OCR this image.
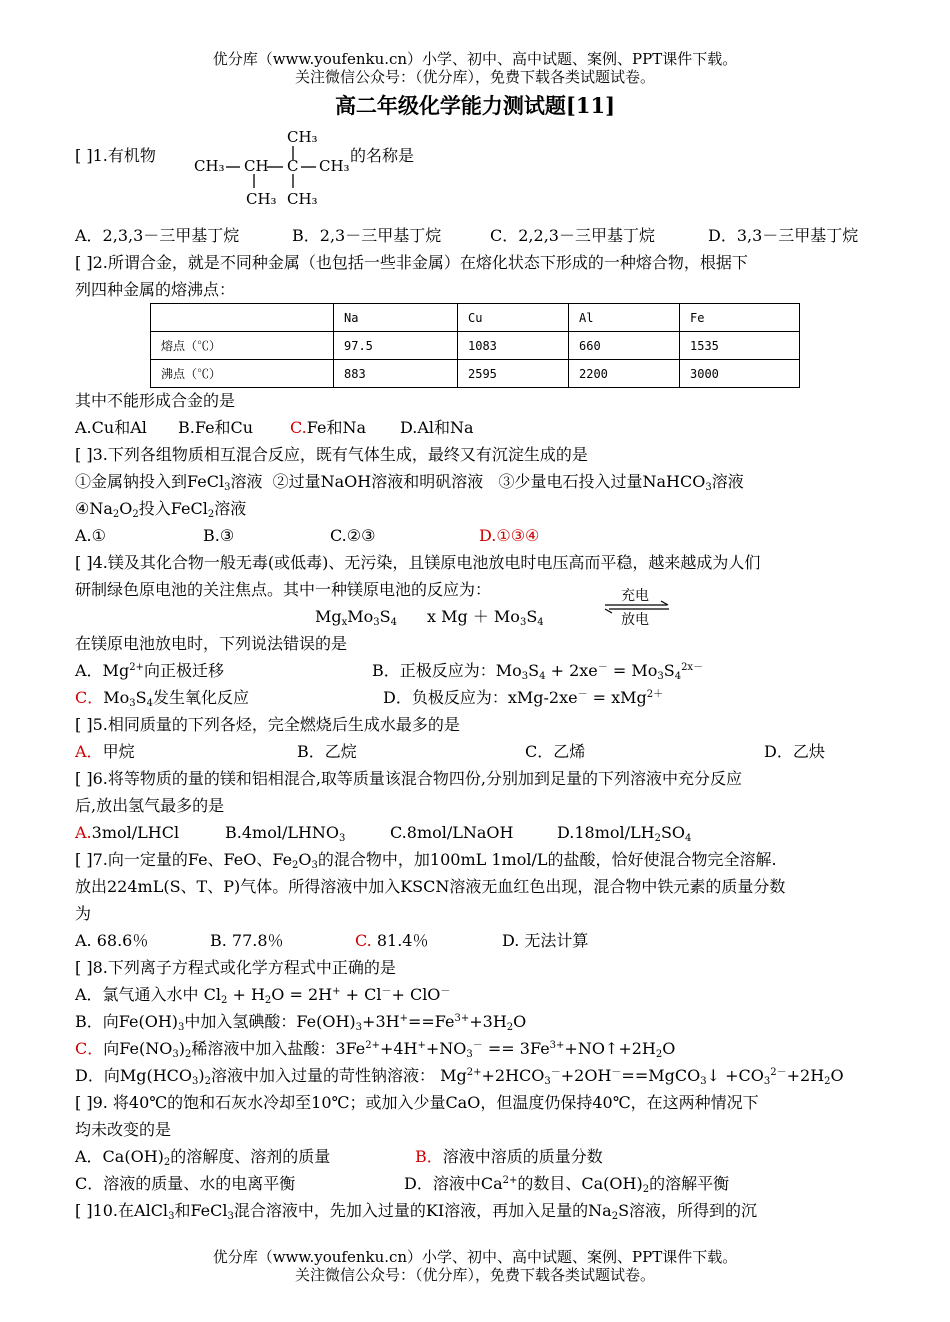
优分库（www.youfenku.cn）小学、初中、高中试题、案例、PPT课件下载。
关注微信公众号：（优分库），免费下载各类试题试卷。
高二年级化学能力测试题[11]
[ ]1.有机物
CH₃
CH₃ CH C CH₃
CH₃ CH₃
的名称是
A．2,3,3－三甲基丁烷	B．2,3－三甲基丁烷	C．2,2,3－三甲基丁烷	D．3,3－三甲基丁烷
[ ]2.所谓合金，就是不同种金属（也包括一些非金属）在熔化状态下形成的一种熔合物，根据下
列四种金属的熔沸点：
	Na	Cu	Al	Fe
熔点（℃）	97.5	1083	660	1535
沸点（℃）	883	2595	2200	3000
其中不能形成合金的是
A.Cu和Al B.Fe和Cu C.Fe和Na D.Al和Na
[ ]3.下列各组物质相互混合反应，既有气体生成，最终又有沉淀生成的是
①金属钠投入到FeCl$_3$溶液 ②过量NaOH溶液和明矾溶液 ③少量电石投入过量NaHCO$_3$溶液
$④Na_2O_2$投入FeCl$_2$溶液
A.①	B.③	C.②③	D.①③④
[ ]4.镁及其化合物一般无毒(或低毒)、无污染，且镁原电池放电时电压高而平稳，越来越成为人们
研制绿色原电池的关注焦点。其中一种镁原电池的反应为：
$Mg_xMo_3S_4$ x $Mg + Mo_3S_4$
充电
放电
在镁原电池放电时，下列说法错误的是
A．$Mg^{2+}$向正极迁移	B．正极反应为：$Mo_3S_4 + 2xe^- = Mo_3S_4^{2x-}$
C．$Mo_3S_4$发生氧化反应	D．负极反应为：xMg-2xe－ = xMg$^{2+}$
[ ]5.相同质量的下列各烃，完全燃烧后生成水最多的是
A．甲烷	B．乙烷	C．乙烯	D．乙炔
[ ]6.将等物质的量的镁和铝相混合,取等质量该混合物四份,分别加到足量的下列溶液中充分反应
后,放出氢气最多的是
A.3mol/LHCl	$B.4mol/LHNO_3$	C.8mol/LNaOH	$D.18mol/LH_2SO_4$
[ ]7.向一定量的Fe、FeO、$Fe_2O_3$的混合物中，加100mL 1mol/L的盐酸，恰好使混合物完全溶解.
放出224mL(S、T、P)气体。所得溶液中加入KSCN溶液无血红色出现，混合物中铁元素的质量分数
为
A. 68.6％	B. 77.8％	C. 81.4％	D. 无法计算
[ ]8.下列离子方程式或化学方程式中正确的是
A．氯气通入水中 $Cl_2 + H_2O = 2H^+ + Cl^-+ ClO^-$
B．向$Fe(OH)_3$中加入氢碘酸：$Fe(OH)_3+3H^+==Fe^{3+}+3H_2O$
C．向$Fe(NO_3)_2$稀溶液中加入盐酸：$3Fe^{2+}+4H^++NO_3^-$ == $3Fe^{3+}+NO↑+2H_2O$
D．向$Mg(HCO_3)_2$溶液中加入过量的苛性钠溶液： $Mg^{2+}+2HCO_3^-+2OH^-==MgCO_3↓ +CO_3^{2-}+2H_2O$
[ ]9. 将40℃的饱和石灰水冷却至10℃；或加入少量CaO，但温度仍保持40℃，在这两种情况下
均未改变的是
A．$Ca(OH)_2$的溶解度、溶剂的质量	B．溶液中溶质的质量分数
C．溶液的质量、水的电离平衡	D．溶液中$Ca^{2+}$的数目、$Ca(OH)_2$的溶解平衡
[ ]10.在AlCl$_3$和FeCl$_3$混合溶液中，先加入过量的KI溶液，再加入足量的$Na_2S$溶液，所得到的沉
优分库（www.youfenku.cn）小学、初中、高中试题、案例、PPT课件下载。
关注微信公众号：（优分库），免费下载各类试题试卷。
